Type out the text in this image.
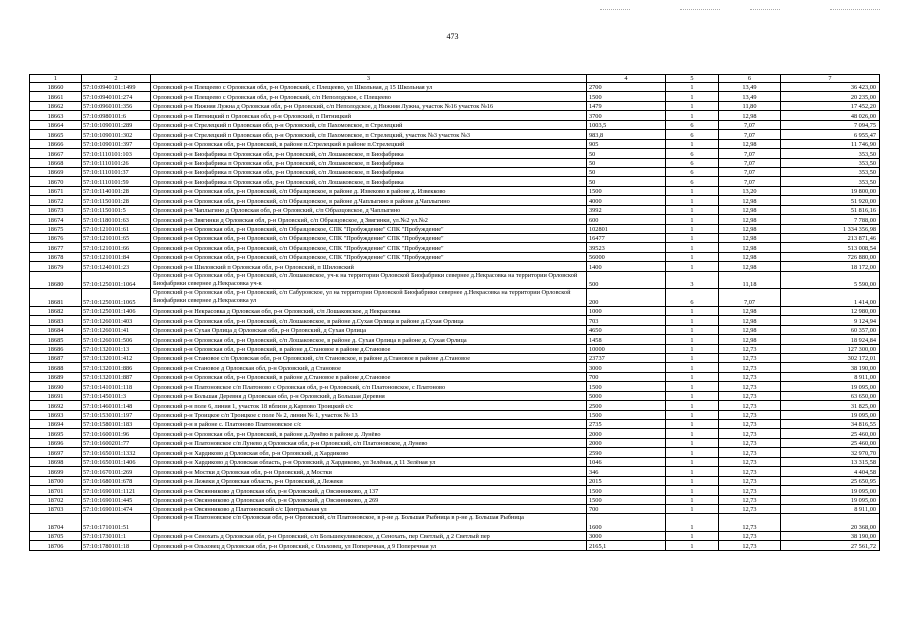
473
1	2	3	4	5	6	7
18660	57:10:0940101:1499	Орловский р-н Плещеево с Орловская обл, р-н Орловский, с Плещеево, ул Школьная, д 15 Школьная ул	2700	1	13,49	36 423,00
18661	57:10:0940101:274	Орловский р-н Плещеево с Орловская обл, р-н Орловский, с/п Неполодское, с Плещеево	1500	1	13,49	20 235,00
18662	57:10:0960101:356	Орловский р-н Нижняя Лужна д Орловская обл, р-н Орловский, с/п Неполодское, д Нижняя Лужна, участок №16 участок №16	1479	1	11,80	17 452,20
18663	57:10:0980101:6	Орловский р-н Пятницкий п Орловская обл, р-н Орловский, п Пятницкий	3700	1	12,98	48 026,00
18664	57:10:1090101:289	Орловский р-н Стрелецкий п Орловская обл, р-н Орловский, с/п Пахомовское, п Стрелецкий	1003,5	6	7,07	7 094,75
18665	57:10:1090101:302	Орловский р-н Стрелецкий п Орловская обл, р-н Орловский, с/п Пахомовское, п Стрелецкий, участок №3 участок №3	983,8	6	7,07	6 955,47
18666	57:10:1090101:397	Орловский р-н Орловская обл, р-н Орловский, в районе п.Стрелецкий в районе п.Стрелецкий	905	1	12,98	11 746,90
18667	57:10:1110101:103	Орловский р-н Биофабрика п Орловская обл, р-н Орловский, с/п Лошаковское, п Биофабрика	50	6	7,07	353,50
18668	57:10:1110101:26	Орловский р-н Биофабрика п Орловская обл, р-н Орловский, с/п Лошаковское, п Биофабрика	50	6	7,07	353,50
18669	57:10:1110101:37	Орловский р-н Биофабрика п Орловская обл, р-н Орловский, с/п Лошаковское, п Биофабрика	50	6	7,07	353,50
18670	57:10:1110101:59	Орловский р-н Биофабрика п Орловская обл, р-н Орловский, с/п Лошаковское, п Биофабрика	50	6	7,07	353,50
18671	57:10:1140101:28	Орловский р-н Орловская обл, р-н Орловский, с/п Образцовское, в районе д. Извеково в районе д. Извекково	1500	1	13,20	19 800,00
18672	57:10:1150101:28	Орловский р-н Орловская обл, р-н Орловский, с/п Образцовское, в районе д.Чаплыгино в районе д.Чаплыгино	4000	1	12,98	51 920,00
18673	57:10:1150101:5	Орловский р-н Чаплыгино д Орловская обл, р-н Орловский, с/п Образцовское, д Чаплыгино	3992	1	12,98	51 816,16
18674	57:10:1180101:63	Орловский р-н Звягинки д Орловская обл, р-н Орловский, с/п Образцовское, д Звягинки, ул.№2 ул.№2	600	1	12,98	7 788,00
18675	57:10:1210101:61	Орловский р-н Орловская обл, р-н Орловский, с/п Образцовское, СПК "Пробуждение" СПК "Пробуждение"	102801	1	12,98	1 334 356,98
18676	57:10:1210101:65	Орловский р-н Орловская обл, р-н Орловский, с/п Образцовское, СПК "Пробуждение" СПК "Пробуждение"	16477	1	12,98	213 871,46
18677	57:10:1210101:66	Орловский р-н Орловская обл, р-н Орловский, с/п Образцовское, СПК "Пробуждение" СПК "Пробуждение"	39523	1	12,98	513 008,54
18678	57:10:1210101:84	Орловский р-н Орловская обл, р-н Орловский, с/п Образцовское, СПК "Пробуждение" СПК "Пробуждение"	56000	1	12,98	726 880,00
18679	57:10:1240101:23	Орловский р-н Шиловский п Орловская обл, р-н Орловский, п Шиловский	1400	1	12,98	18 172,00
18680	57:10:1250101:1064	Орловский р-н Орловская обл, р-н Орловский, с/п Лошаковское, уч-к на территории Орловской Биофабрики севернее д.Некрасовка на территории Орловской Биофабрики севернее д.Некрасовка уч-к	500	3	11,18	5 590,00
18681	57:10:1250101:1065	Орловский р-н Орловская обл, р-н Орловский, с/п Сабуровское, ул на территории Орловской Биофабрики севернее д.Некрасовка на территории Орловской Биофабрики севернее д.Некрасовка ул	200	6	7,07	1 414,00
18682	57:10:1250101:1406	Орловский р-н Некрасовка д Орловская обл, р-н Орловский, с/п Лошаковское, д Некрасовка	1000	1	12,98	12 980,00
18683	57:10:1260101:403	Орловский р-н Орловская обл, р-н Орловский, с/п Лошаковское, в районе д.Сухая Орлица в районе д.Сухая Орлица	703	1	12,98	9 124,94
18684	57:10:1260101:41	Орловский р-н Сухая Орлица д Орловская обл, р-н Орловский, д Сухая Орлица	4650	1	12,98	60 357,00
18685	57:10:1260101:506	Орловский р-н Орловская обл, р-н Орловский, с/п Лошаковское, в районе д. Сухая Орлица в районе д. Сухая Орлица	1458	1	12,98	18 924,84
18686	57:10:1320101:13	Орловский р-н Орловская обл, р-н Орловский, в районе д.Становое в районе д.Становое	10000	1	12,73	127 300,00
18687	57:10:1320101:412	Орловский р-н Становое с/п Орловская обл, р-н Орловский, с/п Становское, в районе д.Становое в районе д.Становое	23737	1	12,73	302 172,01
18688	57:10:1320101:886	Орловский р-н Становое д Орловская обл, р-н Орловский, д Становое	3000	1	12,73	38 190,00
18689	57:10:1320101:887	Орловский р-н Орловская обл, р-н Орловский, в районе д.Становое в районе д.Становое	700	1	12,73	8 911,00
18690	57:10:1410101:118	Орловский р-н Платоновское с/п Платоново с Орловская обл, р-н Орловский, с/п Платоновское, с Платоново	1500	1	12,73	19 095,00
18691	57:10:1450101:3	Орловский р-н Большая Деревня д Орловская обл, р-н Орловский, д Большая Деревня	5000	1	12,73	63 650,00
18692	57:10:1460101:148	Орловский р-н поле 6, линия 1, участок 18 вблизи д.Карпово Троицкий с/с	2500	1	12,73	31 825,00
18693	57:10:1530101:197	Орловский р-н Троицкое с/п Троицкое с поле № 2, линия № 1, участок № 13	1500	1	12,73	19 095,00
18694	57:10:1580101:183	Орловский р-н в районе с. Платоново Платоновское с/с	2735	1	12,73	34 816,55
18695	57:10:1600101:96	Орловский р-н Орловская обл, р-н Орловский, в районе д.Лунёво в районе д. Лунёво	2000	1	12,73	25 460,00
18696	57:10:1600201:77	Орловский р-н Платоновское с/п Лунево д Орловская обл, р-н Орловский, с/п Платоновское, д Лунево	2000	1	12,73	25 460,00
18697	57:10:1650101:1332	Орловский р-н Хардиково д Орловская обл, р-н Орловский, д Хардиково	2590	1	12,73	32 970,70
18698	57:10:1650101:1406	Орловский р-н Хардиково д Орловская область, р-н Орловский, д Хардиково, ул Зелёная, д 11 Зелёная ул	1046	1	12,73	13 315,58
18699	57:10:1670101:269	Орловский р-н Мостки д Орловская обл, р-н Орловский, д Мостки	346	1	12,73	4 404,58
18700	57:10:1680101:678	Орловский р-н Лежеки д Орловская область, р-н Орловский, д Лежеки	2015	1	12,73	25 650,95
18701	57:10:1690101:1121	Орловский р-н Овсянниково д Орловская обл, р-н Орловский, д Овсянниково, д 137	1500	1	12,73	19 095,00
18702	57:10:1690101:445	Орловский р-н Овсянниково д Орловская обл, р-н Орловский, д Овсянниково, д 269	1500	1	12,73	19 095,00
18703	57:10:1690101:474	Орловский р-н Овсянниково д Платоновский с/с Центральная ул	700	1	12,73	8 911,00
18704	57:10:1710101:51	Орловский р-н Платоновское с/п Орловская обл, р-н Орловский, с/п Платоновское, в р-не д. Большая Рыбница в р-не д. Большая Рыбница	1600	1	12,73	20 368,00
18705	57:10:1730101:1	Орловский р-н Сенохать д Орловская обл, р-н Орловский, с/п Большекуликовское, д Сенохать, пер Светлый, д 2 Светлый пер	3000	1	12,73	38 190,00
18706	57:10:1780101:18	Орловский р-н Ольховец д Орловская обл, р-н Орловский, с Ольховец, ул Поперечная, д 9 Поперечная ул	2165,1	1	12,73	27 561,72
